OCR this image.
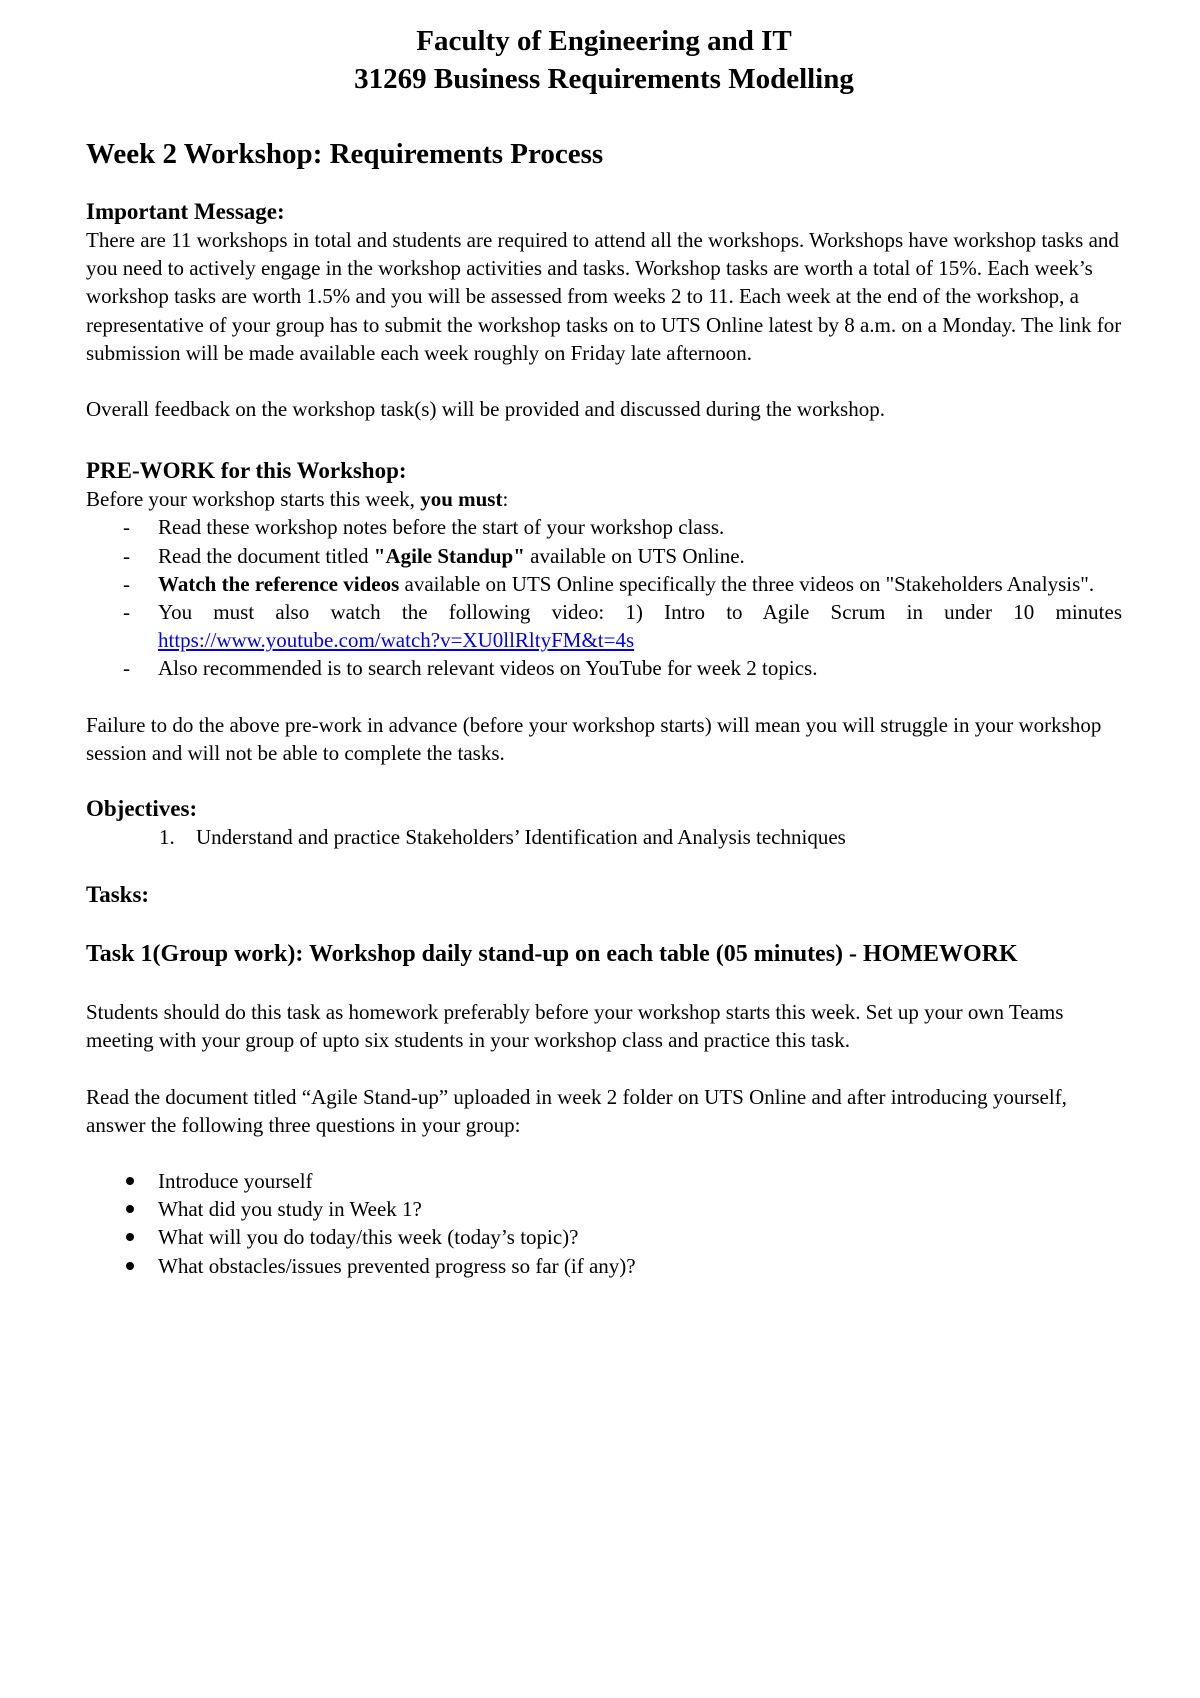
Faculty of Engineering and IT
31269 Business Requirements Modelling
Week 2 Workshop: Requirements Process
Important Message:

There are 11 workshops in total and students are required to attend all the workshops. Workshops have workshop tasks and you need to actively engage in the workshop activities and tasks. Workshop tasks are worth a total of 15%. Each week’s workshop tasks are worth 1.5% and you will be assessed from weeks 2 to 11. Each week at the end of the workshop, a representative of your group has to submit the workshop tasks on to UTS Online latest by 8 a.m. on a Monday. The link for submission will be made available each week roughly on Friday late afternoon.

Overall feedback on the workshop task(s) will be provided and discussed during the workshop.

PRE-WORK for this Workshop:

Before your workshop starts this week, you must:

- Read these workshop notes before the start of your workshop class.
- Read the document titled "Agile Standup" available on UTS Online.
- Watch the reference videos available on UTS Online specifically the three videos on "Stakeholders Analysis".
- You must also watch the following video: 1) Intro to Agile Scrum in under 10 minutes https://www.youtube.com/watch?v=XU0llRltyFM&t=4s
- Also recommended is to search relevant videos on YouTube for week 2 topics.

Failure to do the above pre-work in advance (before your workshop starts) will mean you will struggle in your workshop session and will not be able to complete the tasks.

Objectives:
1. Understand and practice Stakeholders’ Identification and Analysis techniques
Tasks:
Task 1(Group work): Workshop daily stand-up on each table (05 minutes) - HOMEWORK

Students should do this task as homework preferably before your workshop starts this week. Set up your own Teams meeting with your group of upto six students in your workshop class and practice this task.

Read the document titled “Agile Stand-up” uploaded in week 2 folder on UTS Online and after introducing yourself, answer the following three questions in your group:

Introduce yourself
What did you study in Week 1?
What will you do today/this week (today’s topic)?
What obstacles/issues prevented progress so far (if any)?
